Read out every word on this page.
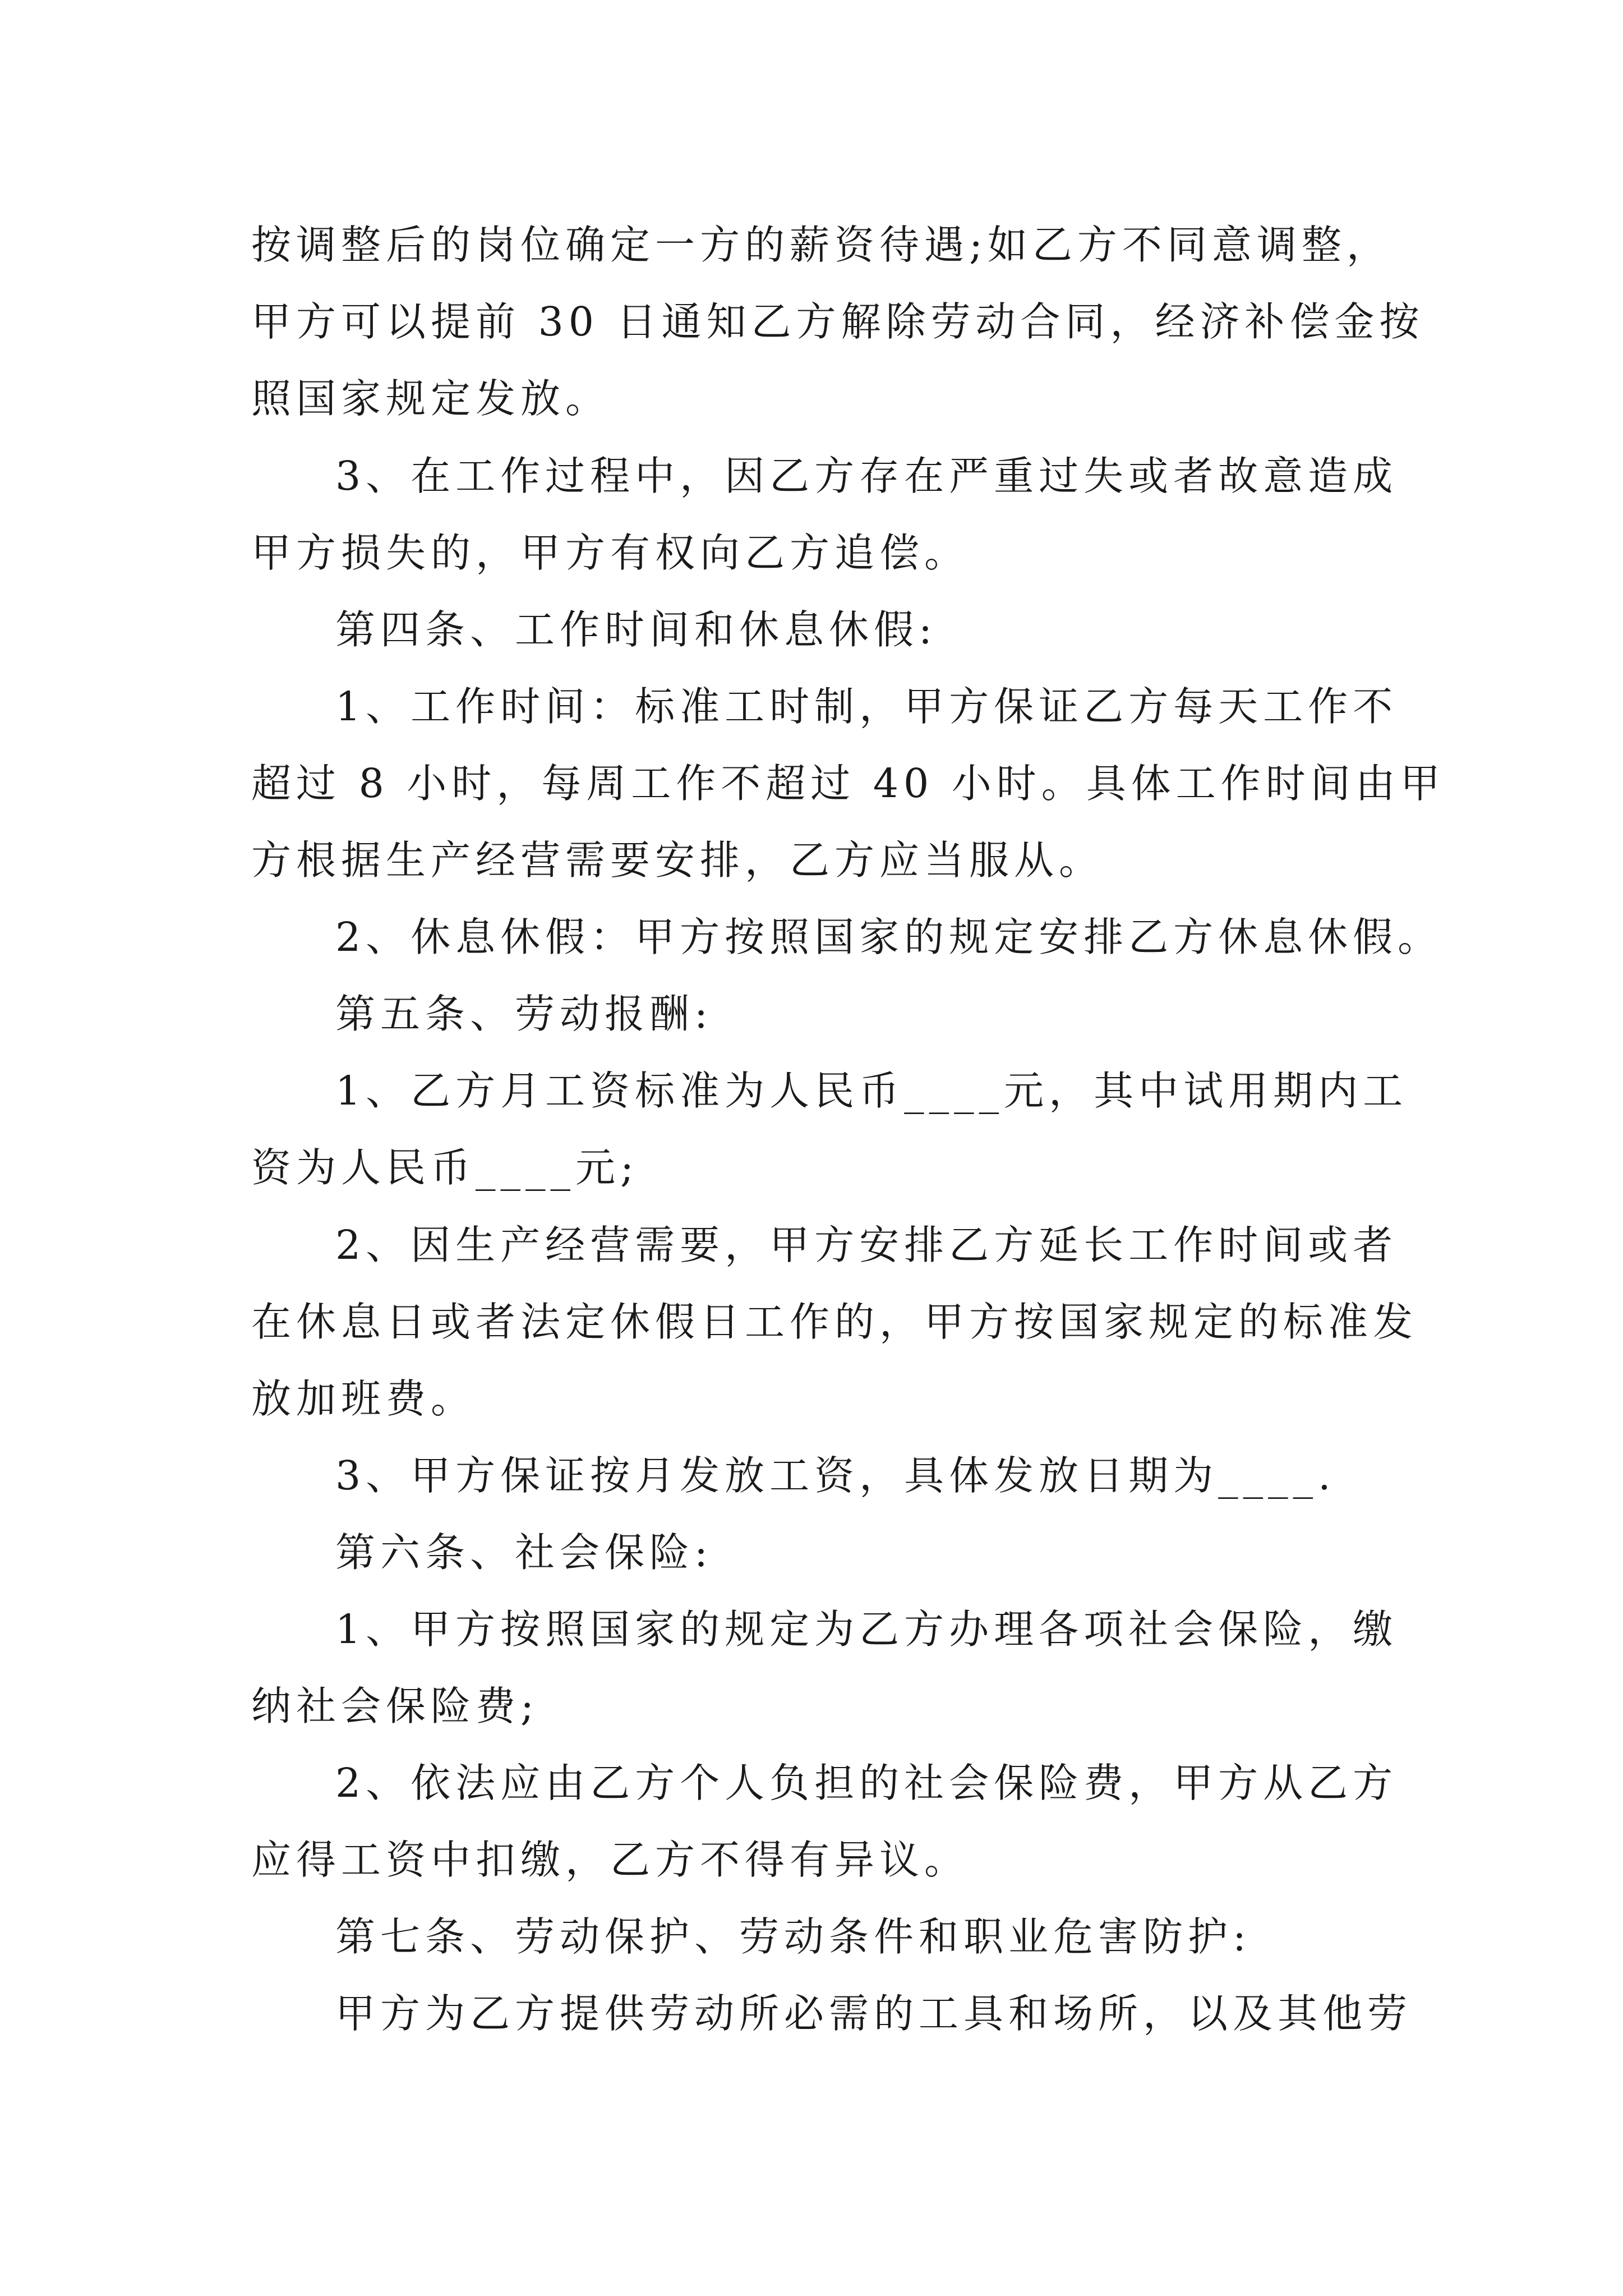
按调整后的岗位确定一方的薪资待遇;如乙方不同意调整，

甲方可以提前 30 日通知乙方解除劳动合同，经济补偿金按

照国家规定发放。

3、在工作过程中，因乙方存在严重过失或者故意造成

甲方损失的，甲方有权向乙方追偿。

第四条、工作时间和休息休假:

1、工作时间：标准工时制，甲方保证乙方每天工作不

超过 8 小时，每周工作不超过 40 小时。具体工作时间由甲

方根据生产经营需要安排，乙方应当服从。

2、休息休假：甲方按照国家的规定安排乙方休息休假。

第五条、劳动报酬:

1、乙方月工资标准为人民币____元，其中试用期内工

资为人民币____元;

2、因生产经营需要，甲方安排乙方延长工作时间或者

在休息日或者法定休假日工作的，甲方按国家规定的标准发

放加班费。

3、甲方保证按月发放工资，具体发放日期为____.

第六条、社会保险:

1、甲方按照国家的规定为乙方办理各项社会保险，缴

纳社会保险费;

2、依法应由乙方个人负担的社会保险费，甲方从乙方

应得工资中扣缴，乙方不得有异议。

第七条、劳动保护、劳动条件和职业危害防护:

甲方为乙方提供劳动所必需的工具和场所，以及其他劳
